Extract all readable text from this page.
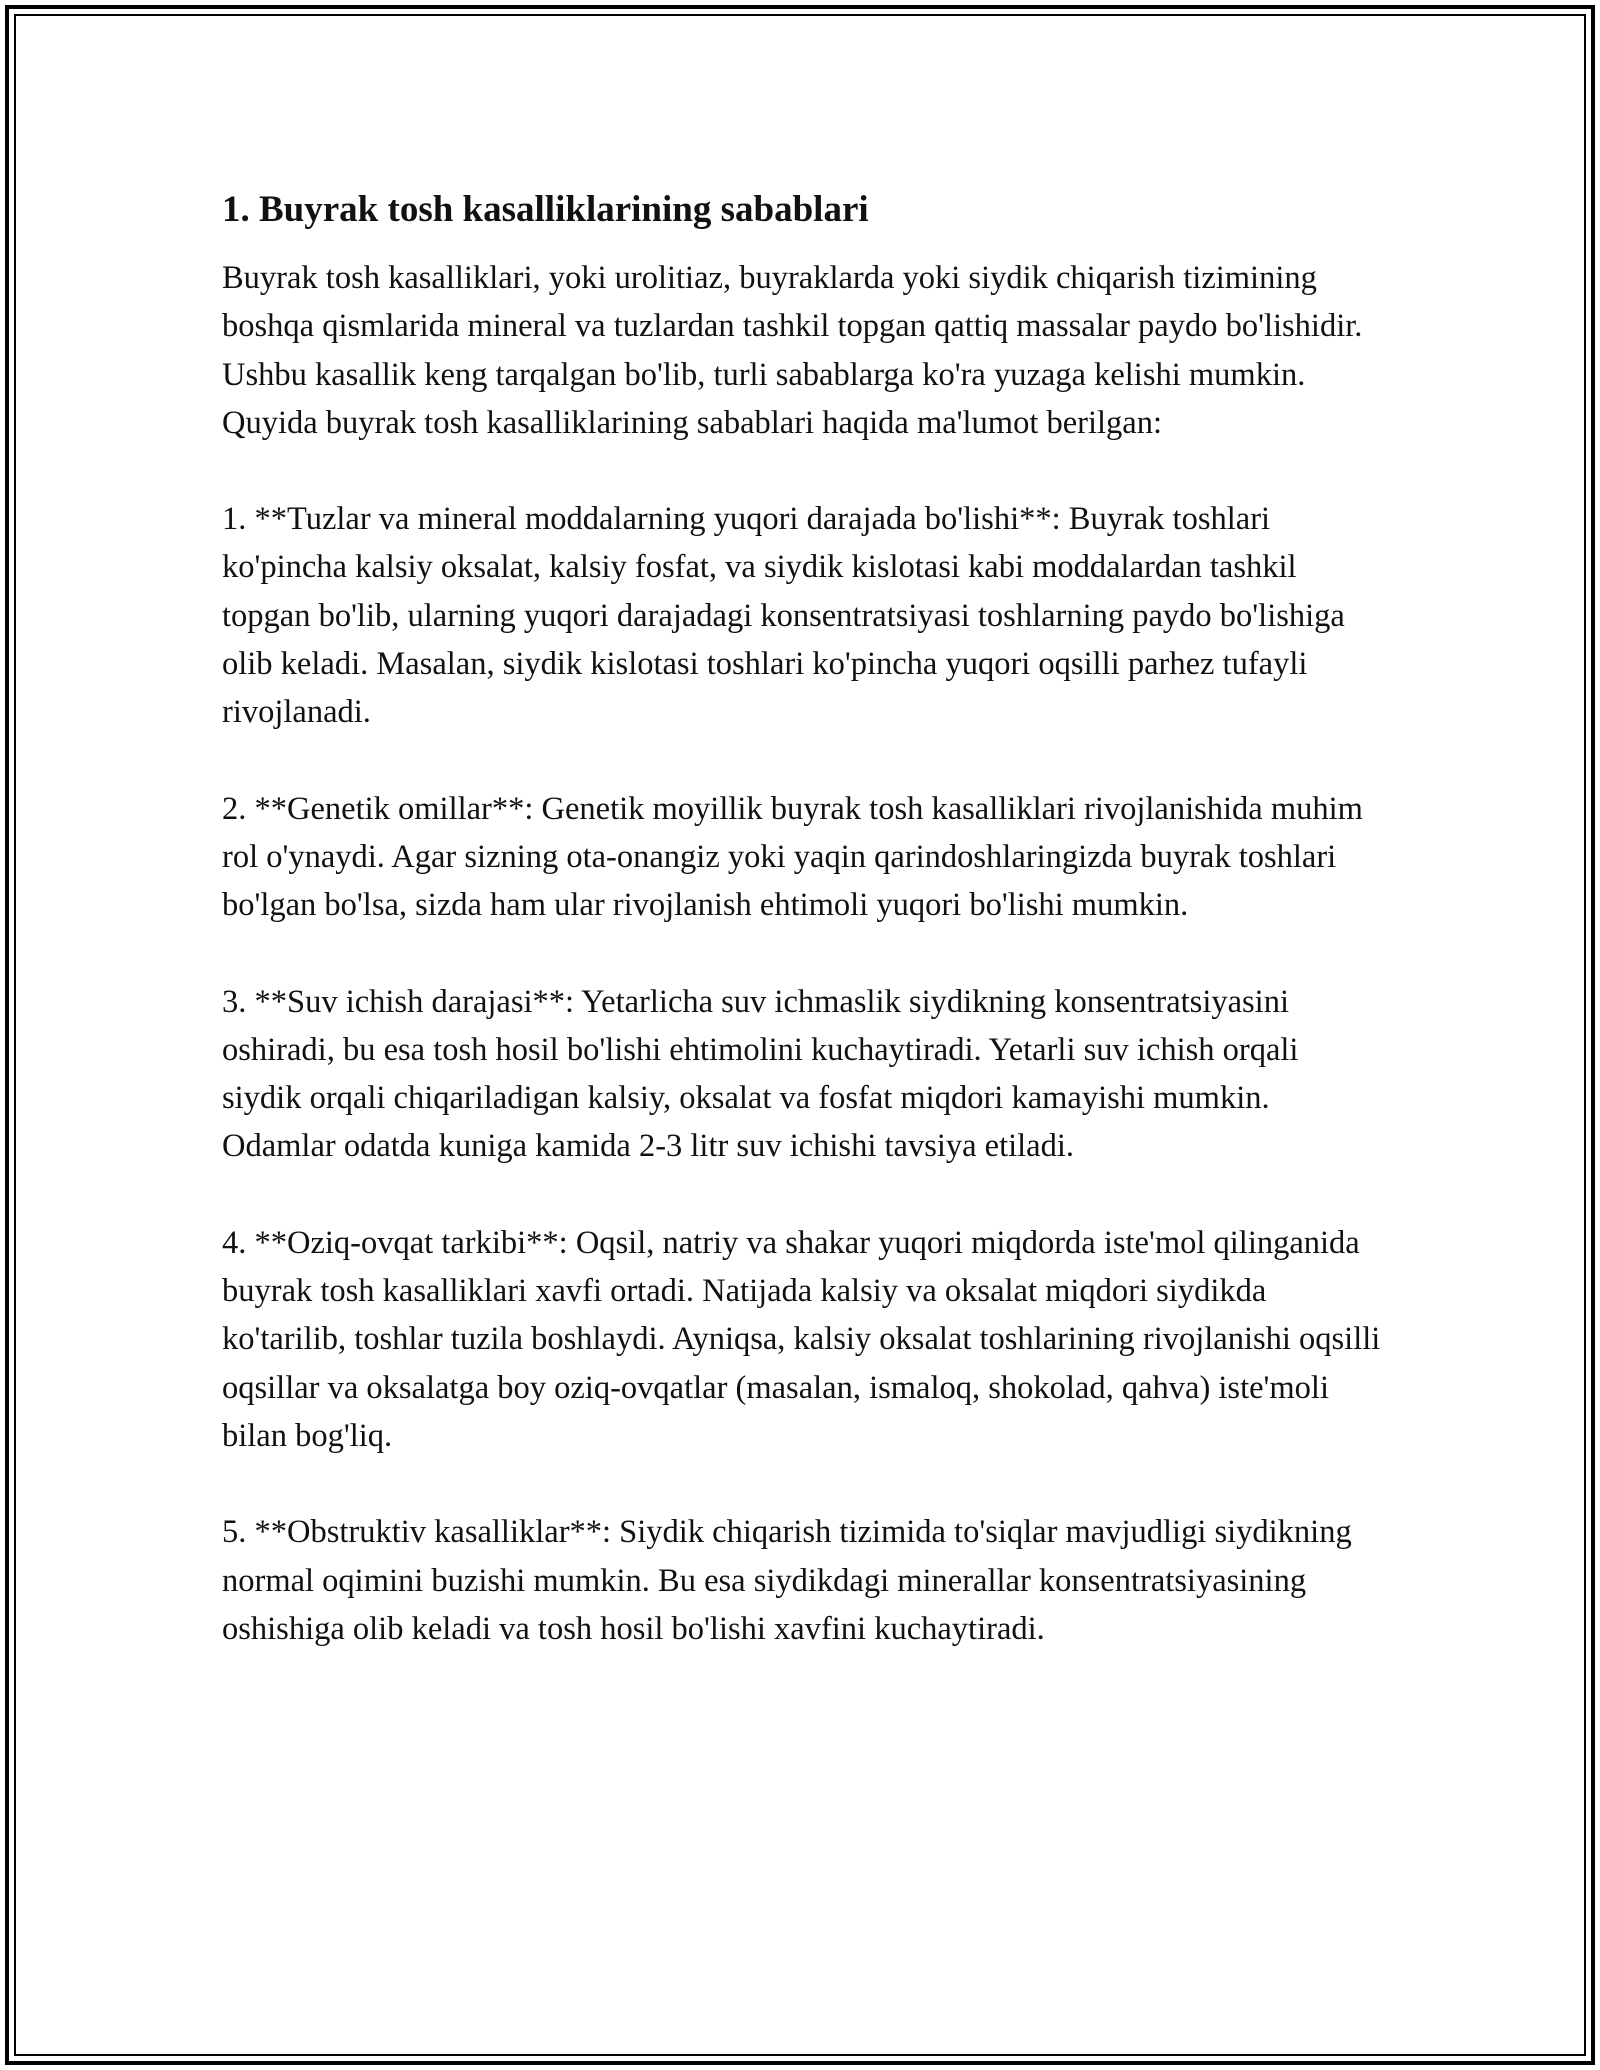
1. Buyrak tosh kasalliklarining sabablari

Buyrak tosh kasalliklari, yoki urolitiaz, buyraklarda yoki siydik chiqarish tizimining boshqa qismlarida mineral va tuzlardan tashkil topgan qattiq massalar paydo bo'lishidir. Ushbu kasallik keng tarqalgan bo'lib, turli sabablarga ko'ra yuzaga kelishi mumkin. Quyida buyrak tosh kasalliklarining sabablari haqida ma'lumot berilgan:

1. **Tuzlar va mineral moddalarning yuqori darajada bo'lishi**: Buyrak toshlari ko'pincha kalsiy oksalat, kalsiy fosfat, va siydik kislotasi kabi moddalardan tashkil topgan bo'lib, ularning yuqori darajadagi konsentratsiyasi toshlarning paydo bo'lishiga olib keladi. Masalan, siydik kislotasi toshlari ko'pincha yuqori oqsilli parhez tufayli rivojlanadi.

2. **Genetik omillar**: Genetik moyillik buyrak tosh kasalliklari rivojlanishida muhim rol o'ynaydi. Agar sizning ota-onangiz yoki yaqin qarindoshlaringizda buyrak toshlari bo'lgan bo'lsa, sizda ham ular rivojlanish ehtimoli yuqori bo'lishi mumkin.

3. **Suv ichish darajasi**: Yetarlicha suv ichmaslik siydikning konsentratsiyasini oshiradi, bu esa tosh hosil bo'lishi ehtimolini kuchaytiradi. Yetarli suv ichish orqali siydik orqali chiqariladigan kalsiy, oksalat va fosfat miqdori kamayishi mumkin. Odamlar odatda kuniga kamida 2-3 litr suv ichishi tavsiya etiladi.

4. **Oziq-ovqat tarkibi**: Oqsil, natriy va shakar yuqori miqdorda iste'mol qilinganida buyrak tosh kasalliklari xavfi ortadi. Natijada kalsiy va oksalat miqdori siydikda ko'tarilib, toshlar tuzila boshlaydi. Ayniqsa, kalsiy oksalat toshlarining rivojlanishi oqsilli oqsillar va oksalatga boy oziq-ovqatlar (masalan, ismaloq, shokolad, qahva) iste'moli bilan bog'liq.

5. **Obstruktiv kasalliklar**: Siydik chiqarish tizimida to'siqlar mavjudligi siydikning normal oqimini buzishi mumkin. Bu esa siydikdagi minerallar konsentratsiyasining oshishiga olib keladi va tosh hosil bo'lishi xavfini kuchaytiradi.
